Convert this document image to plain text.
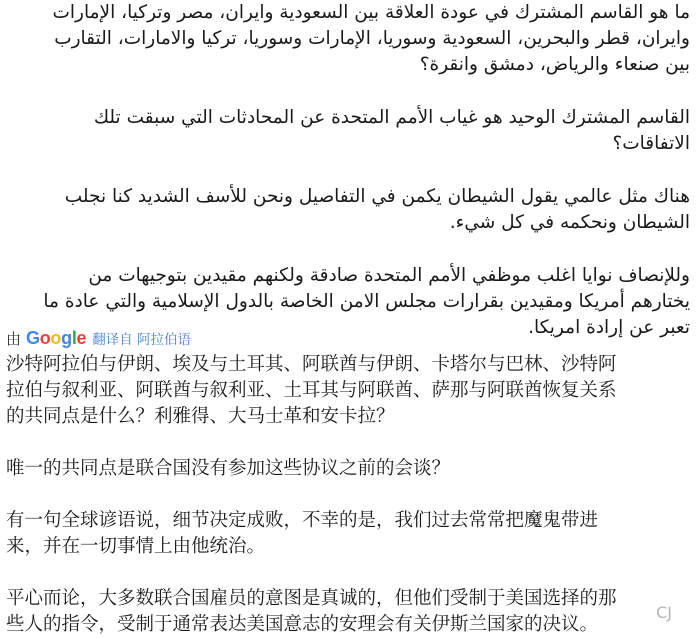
ما هو القاسم المشترك في عودة العلاقة بين السعودية وايران، مصر وتركيا، الإمارات
وايران، قطر والبحرين، السعودية وسوريا، الإمارات وسوريا، تركيا والامارات، التقارب
بين صنعاء والرياض، دمشق وانقرة؟

القاسم المشترك الوحيد هو غياب الأمم المتحدة عن المحادثات التي سبقت تلك
الاتفاقات؟

هناك مثل عالمي يقول الشيطان يكمن في التفاصيل ونحن للأسف الشديد كنا نجلب
الشيطان ونحكمه في كل شيء.

وللإنصاف نوايا اغلب موظفي الأمم المتحدة صادقة ولكنهم مقيدين بتوجيهات من
يختارهم أمريكا ومقيدين بقرارات مجلس الامن الخاصة بالدول الإسلامية والتي عادة ما
تعبر عن إرادة امريكا.

由 Google 翻译自 阿拉伯语

沙特阿拉伯与伊朗、埃及与土耳其、阿联酋与伊朗、卡塔尔与巴林、沙特阿
拉伯与叙利亚、阿联酋与叙利亚、土耳其与阿联酋、萨那与阿联酋恢复关系
的共同点是什么？利雅得、大马士革和安卡拉？

唯一的共同点是联合国没有参加这些协议之前的会谈？

有一句全球谚语说，细节决定成败，不幸的是，我们过去常常把魔鬼带进
来，并在一切事情上由他统治。

平心而论，大多数联合国雇员的意图是真诚的，但他们受制于美国选择的那
些人的指令，受制于通常表达美国意志的安理会有关伊斯兰国家的决议。

CJ
